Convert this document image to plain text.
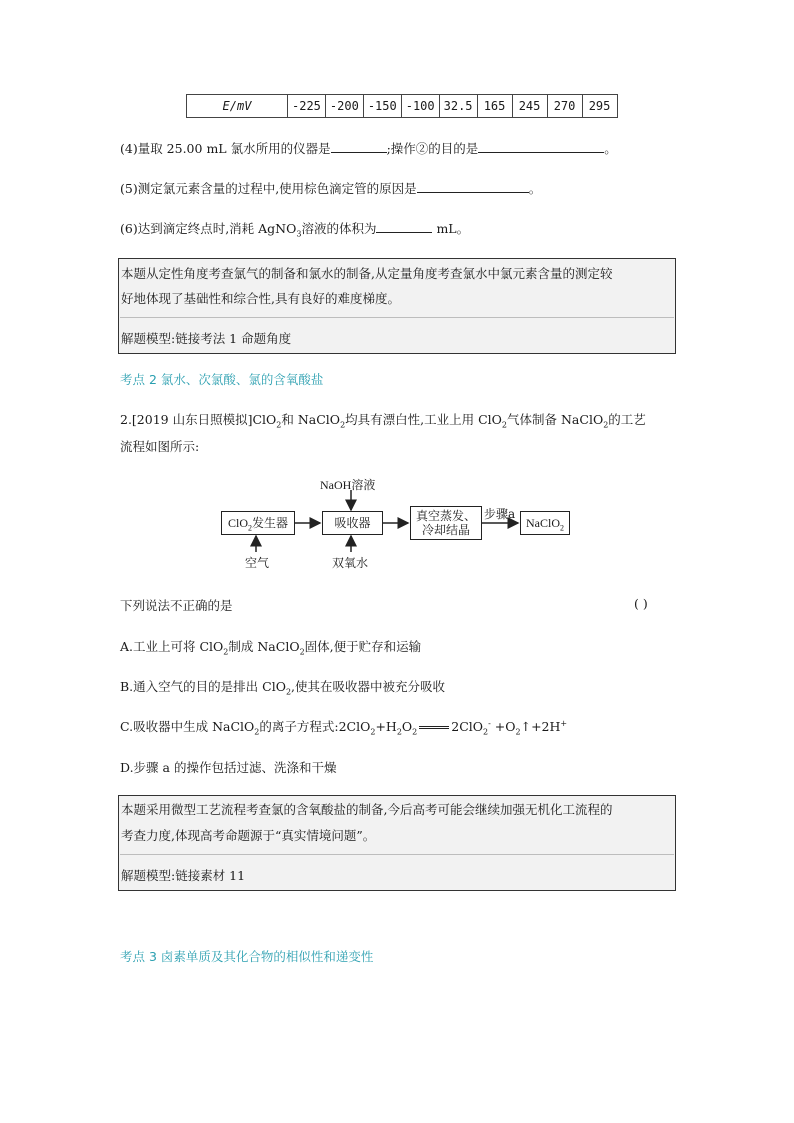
E/mV	-225	-200	-150	-100	32.5	165	245	270	295
(4)量取 25.00 mL 氯水所用的仪器是	;操作②的目的是	。
(5)测定氯元素含量的过程中,使用棕色滴定管的原因是	。
(6)达到滴定终点时,消耗 AgNO$_3$溶液的体积为	mL。
本题从定性角度考查氯气的制备和氯水的制备,从定量角度考查氯水中氯元素含量的测定较
好地体现了基础性和综合性,具有良好的难度梯度。
解题模型:链接考法 1 命题角度
考点 2 氯水、次氯酸、氯的含氧酸盐
2.[2019 山东日照模拟]ClO$_2$和 NaClO$_2$均具有漂白性,工业上用 ClO$_2$气体制备 NaClO$_2$的工艺
流程如图所示:
NaOH溶液
ClO$_2$发生器	吸收器	真空蒸发、
冷却结晶
步骤a
NaClO$_2$
空气	双氧水
下列说法不正确的是	( )
A.工业上可将 ClO$_2$制成 NaClO$_2$固体,便于贮存和运输
B.通入空气的目的是排出 ClO$_2$,使其在吸收器中被充分吸收
C.吸收器中生成 NaClO$_2$的离子方程式$:2ClO_2+H_2O_2$	$2ClO_2^- +O_2↑+2H^+$
D.步骤 a 的操作包括过滤、洗涤和干燥
本题采用微型工艺流程考查氯的含氧酸盐的制备,今后高考可能会继续加强无机化工流程的
考查力度,体现高考命题源于“真实情境问题”。
解题模型:链接素材 11
考点 3 卤素单质及其化合物的相似性和递变性
